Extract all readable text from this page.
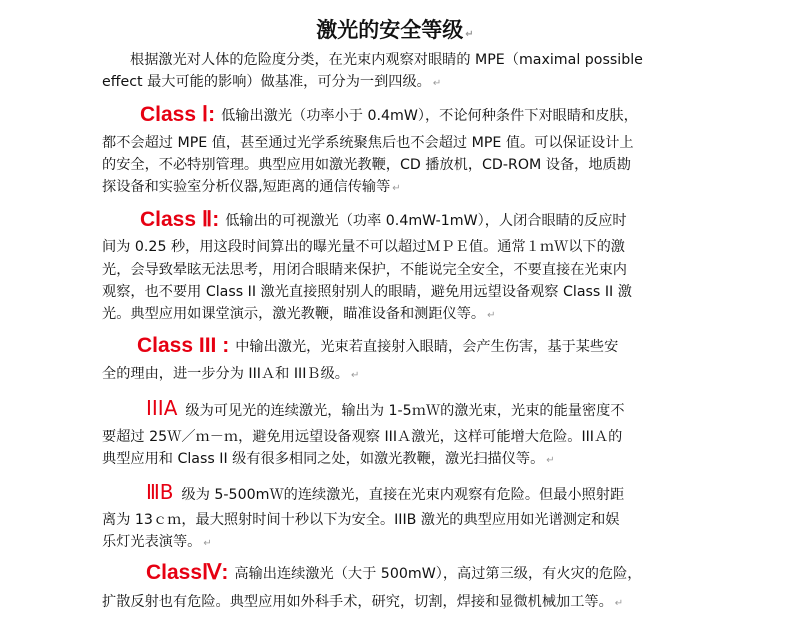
激光的安全等级 ↵
根据激光对人体的危险度分类，在光束内观察对眼睛的 MPE（maximal possible
effect 最大可能的影响）做基准，可分为一到四级。 ↵
Class Ⅰ: 低输出激光（功率小于 0.4mW），不论何种条件下对眼睛和皮肤，
都不会超过 MPE 值，甚至通过光学系统聚焦后也不会超过 MPE 值。可以保证设计上
的安全，不必特别管理。典型应用如激光教鞭，CD 播放机，CD-ROM 设备，地质勘
探设备和实验室分析仪器,短距离的通信传输等 ↵
Class Ⅱ: 低输出的可视激光（功率 0.4mW-1mW），人闭合眼睛的反应时
间为 0.25 秒，用这段时间算出的曝光量不可以超过ＭＰＥ值。通常１ｍＷ以下的激
光，会导致晕眩无法思考，用闭合眼睛来保护，不能说完全安全，不要直接在光束内
观察，也不要用 Class II 激光直接照射别人的眼睛，避免用远望设备观察 Class II 激
光。典型应用如课堂演示，激光教鞭，瞄准设备和测距仪等。 ↵
Class III : 中输出激光，光束若直接射入眼睛，会产生伤害，基于某些安
全的理由，进一步分为 IIIＡ和 IIIＢ级。 ↵
IIIA 级为可见光的连续激光，输出为 1-5ｍＷ的激光束，光束的能量密度不
要超过 25Ｗ／ｍ－ｍ，避免用远望设备观察 IIIＡ激光，这样可能增大危险。IIIＡ的
典型应用和 Class II 级有很多相同之处，如激光教鞭，激光扫描仪等。 ↵
ⅢB 级为 5-500mＷ的连续激光，直接在光束内观察有危险。但最小照射距
离为 13ｃｍ，最大照射时间十秒以下为安全。IIIB 激光的典型应用如光谱测定和娱
乐灯光表演等。 ↵
ClassⅣ: 高输出连续激光（大于 500mW），高过第三级，有火灾的危险，
扩散反射也有危险。典型应用如外科手术，研究，切割，焊接和显微机械加工等。 ↵
